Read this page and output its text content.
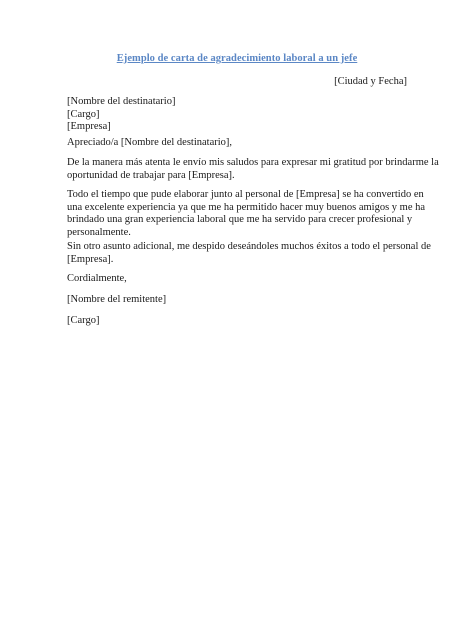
Ejemplo de carta de agradecimiento laboral a un jefe
[Ciudad y Fecha]
[Nombre del destinatario]
[Cargo]
[Empresa]
Apreciado/a [Nombre del destinatario],
De la manera más atenta le envío mis saludos para expresar mi gratitud por brindarme la
oportunidad de trabajar para [Empresa].
Todo el tiempo que pude elaborar junto al personal de [Empresa] se ha convertido en
una excelente experiencia ya que me ha permitido hacer muy buenos amigos y me ha
brindado una gran experiencia laboral que me ha servido para crecer profesional y
personalmente.
Sin otro asunto adicional, me despido deseándoles muchos éxitos a todo el personal de
[Empresa].
Cordialmente,
[Nombre del remitente]
[Cargo]
